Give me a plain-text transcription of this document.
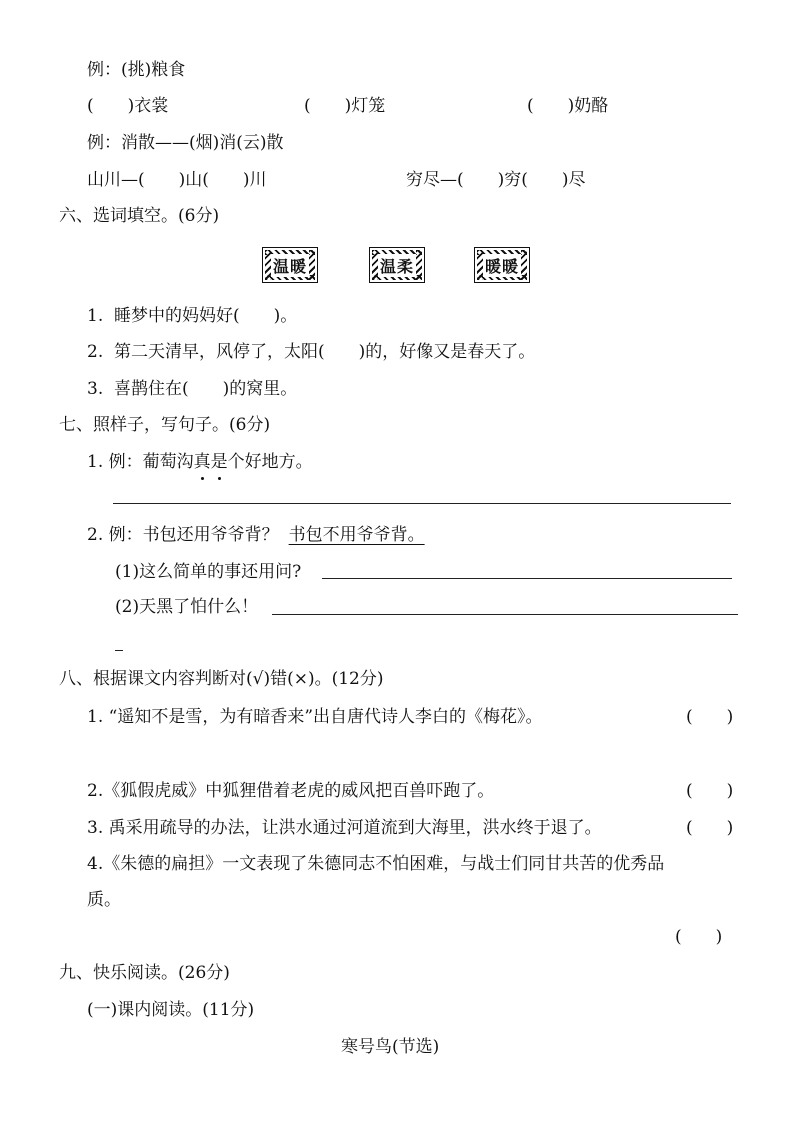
例：(挑)粮食
(　　)衣裳	(　　)灯笼	(　　)奶酪
例：消散——(烟)消(云)散
山川—(　　)山(　　)川	穷尽—(　　)穷(　　)尽
六、选词填空。(6分)
温暖	温柔	暖暖
1.  睡梦中的妈妈好(　　)。
2.  第二天清早，风停了，太阳(　　)的，好像又是春天了。
3.  喜鹊住在(　　)的窝里。
七、照样子，写句子。(6分)
1. 例：葡萄沟真是个好地方。
2. 例：书包还用爷爷背？ 书包不用爷爷背。
(1)这么简单的事还用问?
(2)天黑了怕什么！
八、根据课文内容判断对(√)错(×)。(12分)
1. “遥知不是雪，为有暗香来”出自唐代诗人李白的《梅花》。	(　　)
2.《狐假虎威》中狐狸借着老虎的威风把百兽吓跑了。	(　　)
3. 禹采用疏导的办法，让洪水通过河道流到大海里，洪水终于退了。	(　　)
4.《朱德的扁担》一文表现了朱德同志不怕困难，与战士们同甘共苦的优秀品
质。
(　　)
九、快乐阅读。(26分)
(一)课内阅读。(11分)
寒号鸟(节选)
